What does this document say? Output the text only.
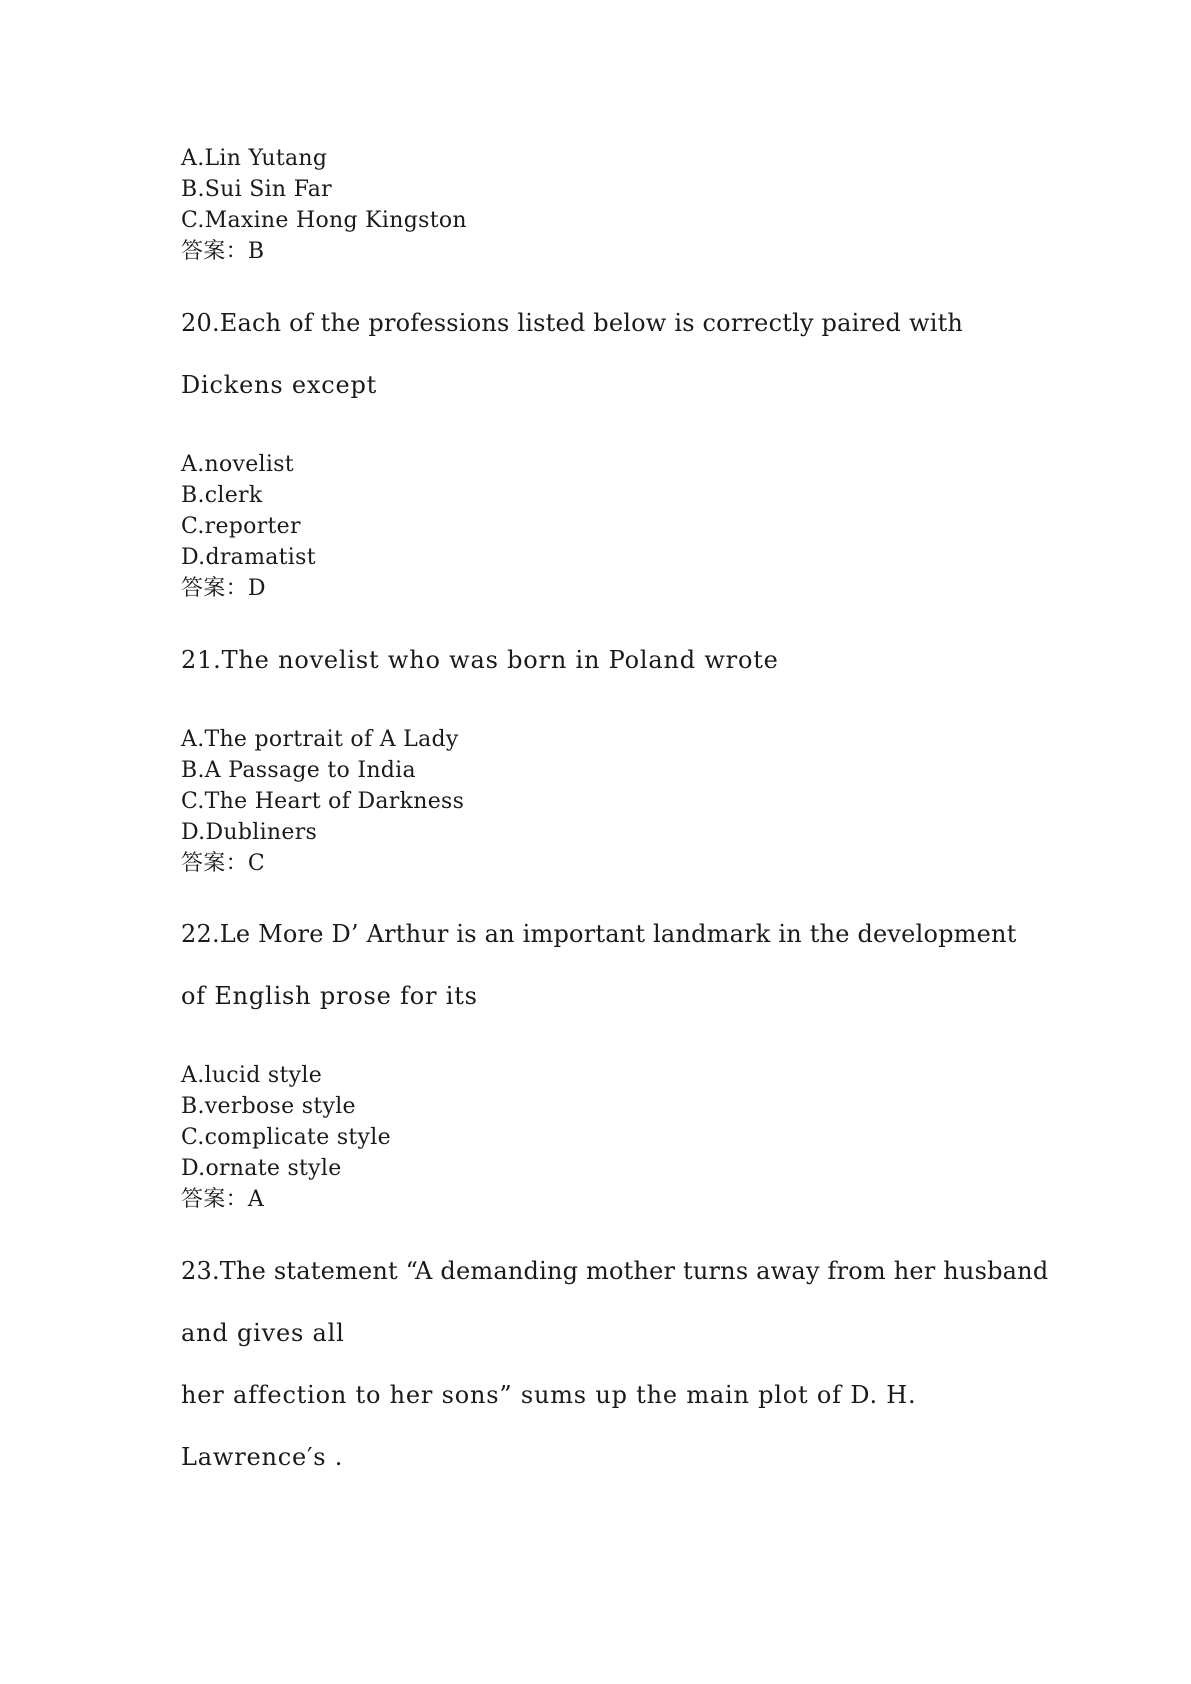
A.Lin Yutang
B.Sui Sin Far
C.Maxine Hong Kingston
答案：B
20.Each of the professions listed below is correctly paired with
Dickens except
A.novelist
B.clerk
C.reporter
D.dramatist
答案：D
21.The novelist who was born in Poland wrote
A.The portrait of A Lady
B.A Passage to India
C.The Heart of Darkness
D.Dubliners
答案：C
22.Le More D’ Arthur is an important landmark in the development
of English prose for its
A.lucid style
B.verbose style
C.complicate style
D.ornate style
答案：A
23.The statement “A demanding mother turns away from her husband
and gives all
her affection to her sons” sums up the main plot of D. H.
Lawrence′s .
